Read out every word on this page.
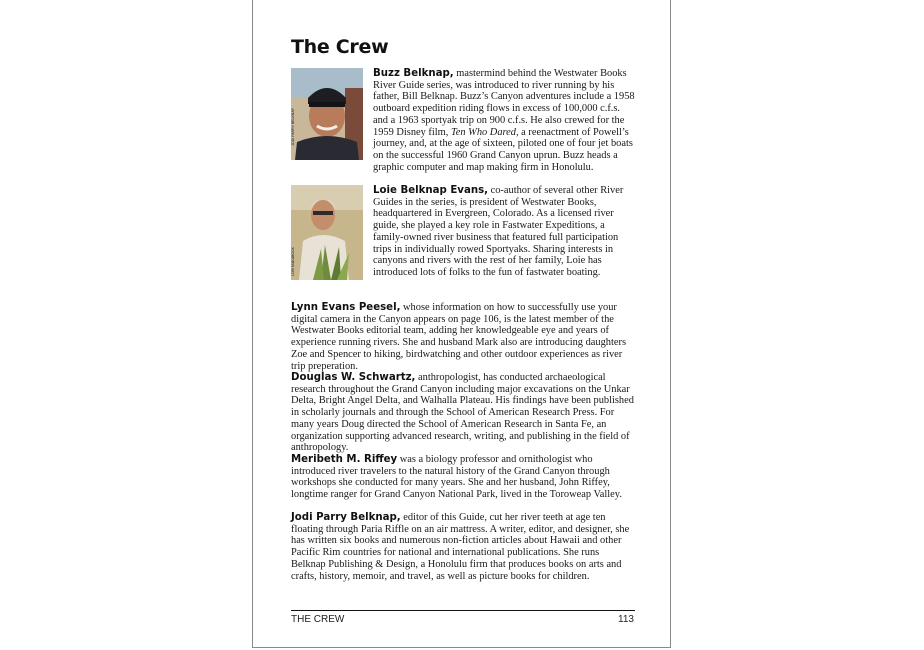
The Crew
JODI PARRY BELKNAP

Buzz Belknap, mastermind behind the Westwater Books River Guide series, was introduced to river running by his father, Bill Belknap. Buzz’s Canyon adventures include a 1958 outboard expedition riding flows in excess of 100,000 c.f.s. and a 1963 sportyak trip on 900 c.f.s. He also crewed for the 1959 Disney film, Ten Who Dared, a reenactment of Powell’s journey, and, at the age of sixteen, piloted one of four jet boats on the successful 1960 Grand Canyon uprun. Buzz heads a graphic computer and map making firm in Honolulu.

LORI MAKABOCK

Loie Belknap Evans, co-author of several other River Guides in the series, is president of Westwater Books, headquartered in Evergreen, Colorado. As a licensed river guide, she played a key role in Fastwater Expeditions, a family-owned river business that featured full participation trips in individually rowed Sportyaks. Sharing interests in canyons and rivers with the rest of her family, Loie has introduced lots of folks to the fun of fastwater boating.

Lynn Evans Peesel, whose information on how to successfully use your digital camera in the Canyon appears on page 106, is the latest member of the Westwater Books editorial team, adding her knowledgeable eye and years of experience running rivers. She and husband Mark also are introducing daughters Zoe and Spencer to hiking, birdwatching and other outdoor experiences as river trip preperation.

Douglas W. Schwartz, anthropologist, has conducted archaeological research throughout the Grand Canyon including major excavations on the Unkar Delta, Bright Angel Delta, and Walhalla Plateau. His findings have been published in scholarly journals and through the School of American Research Press. For many years Doug directed the School of American Research in Santa Fe, an organization supporting advanced research, writing, and publishing in the field of anthropology.

Meribeth M. Riffey was a biology professor and ornithologist who introduced river travelers to the natural history of the Grand Canyon through workshops she conducted for many years. She and her husband, John Riffey, longtime ranger for Grand Canyon National Park, lived in the Toroweap Valley.

Jodi Parry Belknap, editor of this Guide, cut her river teeth at age ten floating through Paria Riffle on an air mattress. A writer, editor, and designer, she has written six books and numerous non-fiction articles about Hawaii and other Pacific Rim countries for national and international publications. She runs Belknap Publishing & Design, a Honolulu firm that produces books on arts and crafts, history, memoir, and travel, as well as picture books for children.

THE CREW	113
